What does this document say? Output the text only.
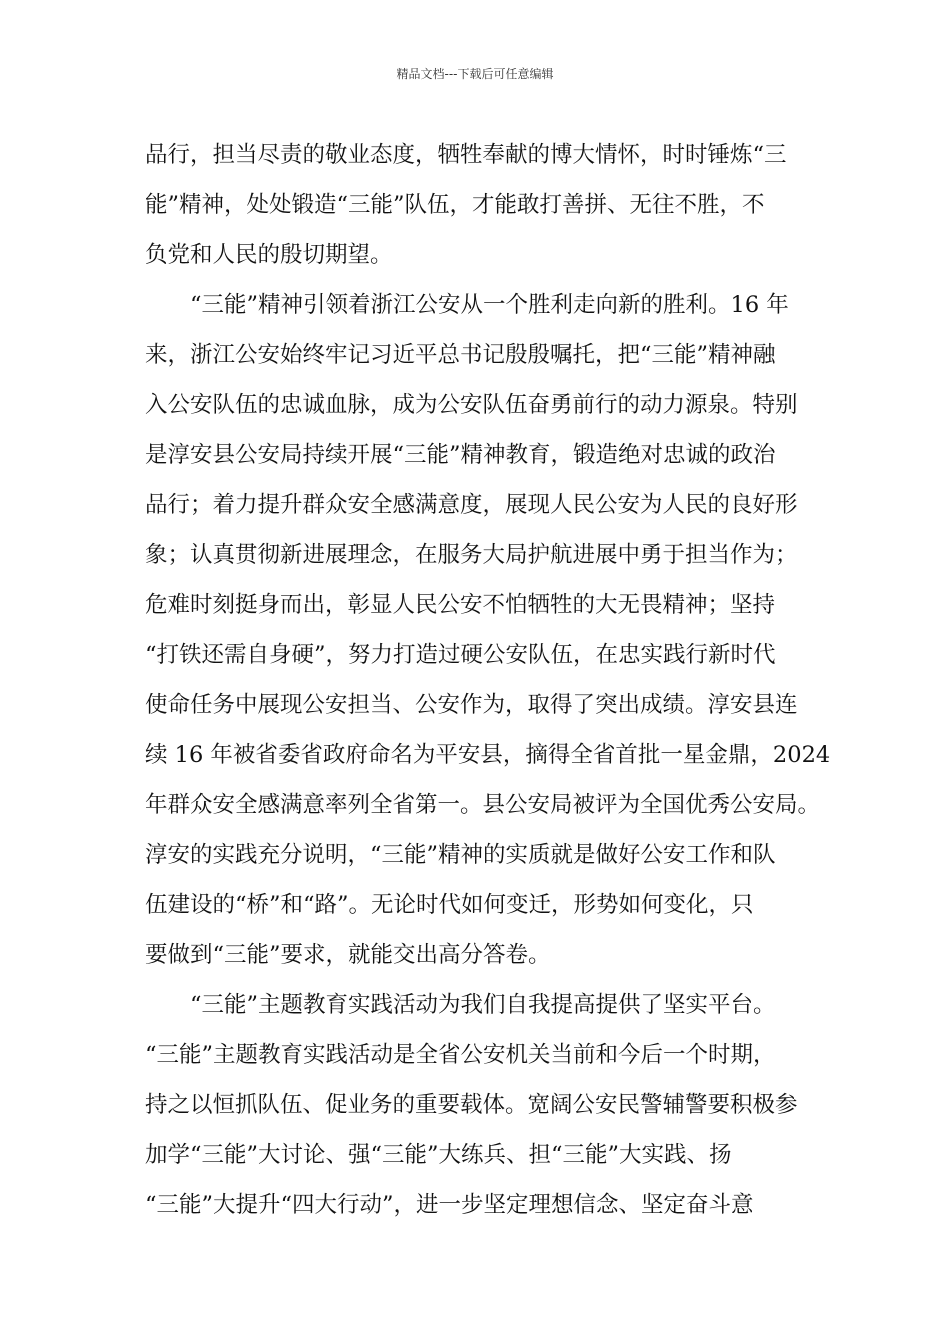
精品文档---下载后可任意编辑
品行，担当尽责的敬业态度，牺牲奉献的博大情怀，时时锤炼“三
能”精神，处处锻造“三能”队伍，才能敢打善拼、无往不胜，不
负党和人民的殷切期望。
“三能”精神引领着浙江公安从一个胜利走向新的胜利。16 年
来，浙江公安始终牢记习近平总书记殷殷嘱托，把“三能”精神融
入公安队伍的忠诚血脉，成为公安队伍奋勇前行的动力源泉。特别
是淳安县公安局持续开展“三能”精神教育，锻造绝对忠诚的政治
品行；着力提升群众安全感满意度，展现人民公安为人民的良好形
象；认真贯彻新进展理念，在服务大局护航进展中勇于担当作为；
危难时刻挺身而出，彰显人民公安不怕牺牲的大无畏精神；坚持
“打铁还需自身硬”，努力打造过硬公安队伍，在忠实践行新时代
使命任务中展现公安担当、公安作为，取得了突出成绩。淳安县连
续 16 年被省委省政府命名为平安县，摘得全省首批一星金鼎，2024
年群众安全感满意率列全省第一。县公安局被评为全国优秀公安局。
淳安的实践充分说明，“三能”精神的实质就是做好公安工作和队
伍建设的“桥”和“路”。无论时代如何变迁，形势如何变化，只
要做到“三能”要求，就能交出高分答卷。
“三能”主题教育实践活动为我们自我提高提供了坚实平台。
“三能”主题教育实践活动是全省公安机关当前和今后一个时期，
持之以恒抓队伍、促业务的重要载体。宽阔公安民警辅警要积极参
加学“三能”大讨论、强“三能”大练兵、担“三能”大实践、扬
“三能”大提升“四大行动”，进一步坚定理想信念、坚定奋斗意
